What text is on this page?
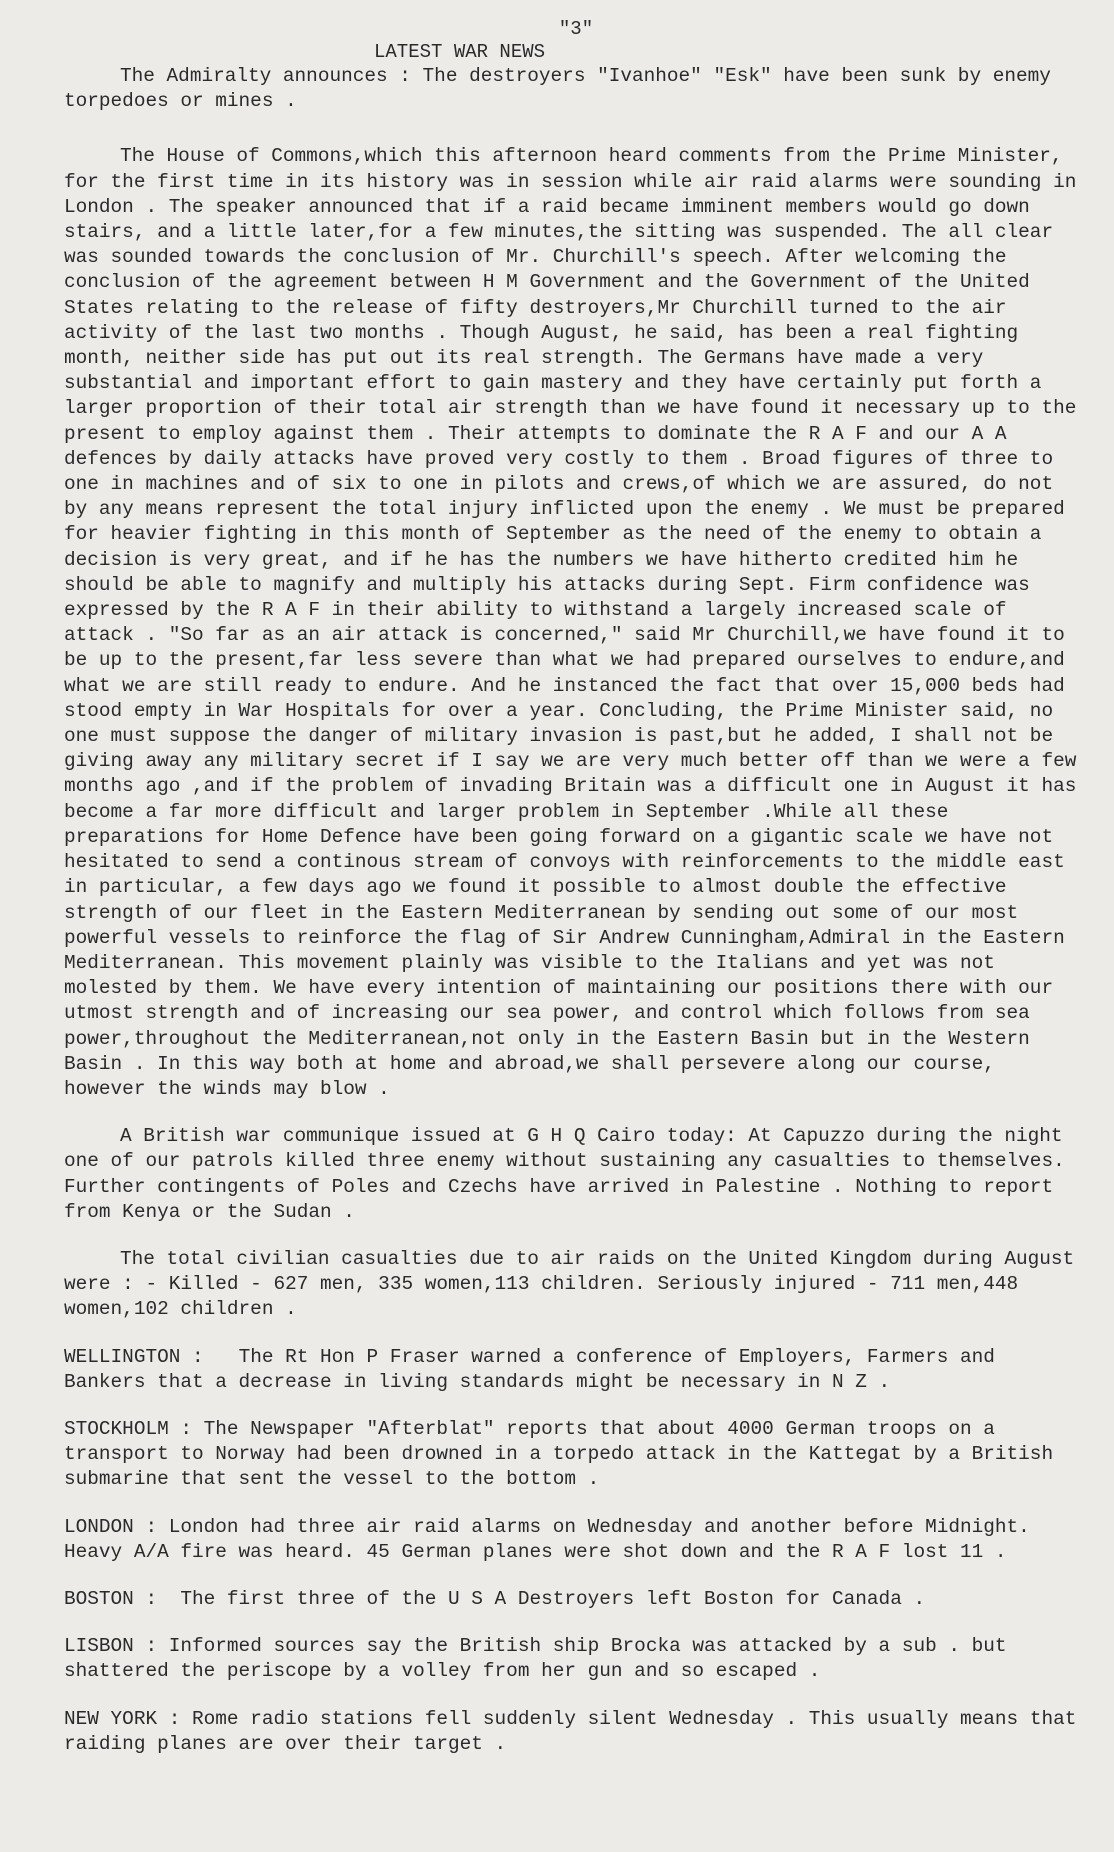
"3"
LATEST WAR NEWS

The Admiralty announces : The destroyers "Ivanhoe" "Esk" have been sunk by enemy torpedoes or mines .

The House of Commons,which this afternoon heard comments from the Prime Minister, for the first time in its history was in session while air raid alarms were sounding in London . The speaker announced that if a raid became imminent members would go down stairs, and a little later,for a few minutes,the sitting was suspended. The all clear was sounded towards the conclusion of Mr. Churchill's speech. After welcoming the conclusion of the agreement between H M Government and the Government of the United States relating to the release of fifty destroyers,Mr Churchill turned to the air activity of the last two months . Though August, he said, has been a real fighting month, neither side has put out its real strength. The Germans have made a very substantial and important effort to gain mastery and they have certainly put forth a larger proportion of their total air strength than we have found it necessary up to the present to employ against them . Their attempts to dominate the R A F and our A A defences by daily attacks have proved very costly to them . Broad figures of three to one in machines and of six to one in pilots and crews,of which we are assured, do not by any means represent the total injury inflicted upon the enemy . We must be prepared for heavier fighting in this month of September as the need of the enemy to obtain a decision is very great, and if he has the numbers we have hitherto credited him he should be able to magnify and multiply his attacks during Sept. Firm confidence was expressed by the R A F in their ability to withstand a largely increased scale of attack . "So far as an air attack is concerned," said Mr Churchill,we have found it to be up to the present,far less severe than what we had prepared ourselves to endure,and what we are still ready to endure. And he instanced the fact that over 15,000 beds had stood empty in War Hospitals for over a year. Concluding, the Prime Minister said, no one must suppose the danger of military invasion is past,but he added, I shall not be giving away any military secret if I say we are very much better off than we were a few months ago ,and if the problem of invading Britain was a difficult one in August it has become a far more difficult and larger problem in September .While all these preparations for Home Defence have been going forward on a gigantic scale we have not hesitated to send a continous stream of convoys with reinforcements to the middle east in particular, a few days ago we found it possible to almost double the effective strength of our fleet in the Eastern Mediterranean by sending out some of our most powerful vessels to reinforce the flag of Sir Andrew Cunningham,Admiral in the Eastern Mediterranean. This movement plainly was visible to the Italians and yet was not molested by them. We have every intention of maintaining our positions there with our utmost strength and of increasing our sea power, and control which follows from sea power,throughout the Mediterranean,not only in the Eastern Basin but in the Western Basin . In this way both at home and abroad,we shall persevere along our course, however the winds may blow .

A British war communique issued at G H Q Cairo today: At Capuzzo during the night one of our patrols killed three enemy without sustaining any casualties to themselves. Further contingents of Poles and Czechs have arrived in Palestine . Nothing to report from Kenya or the Sudan .

The total civilian casualties due to air raids on the United Kingdom during August were : - Killed - 627 men, 335 women,113 children. Seriously injured - 711 men,448 women,102 children .

WELLINGTON : The Rt Hon P Fraser warned a conference of Employers, Farmers and Bankers that a decrease in living standards might be necessary in N Z .

STOCKHOLM : The Newspaper "Afterblat" reports that about 4000 German troops on a transport to Norway had been drowned in a torpedo attack in the Kattegat by a British submarine that sent the vessel to the bottom .

LONDON : London had three air raid alarms on Wednesday and another before Midnight. Heavy A/A fire was heard. 45 German planes were shot down and the R A F lost 11 .

BOSTON : The first three of the U S A Destroyers left Boston for Canada .

LISBON : Informed sources say the British ship Brocka was attacked by a sub . but shattered the periscope by a volley from her gun and so escaped .

NEW YORK : Rome radio stations fell suddenly silent Wednesday . This usually means that raiding planes are over their target .
